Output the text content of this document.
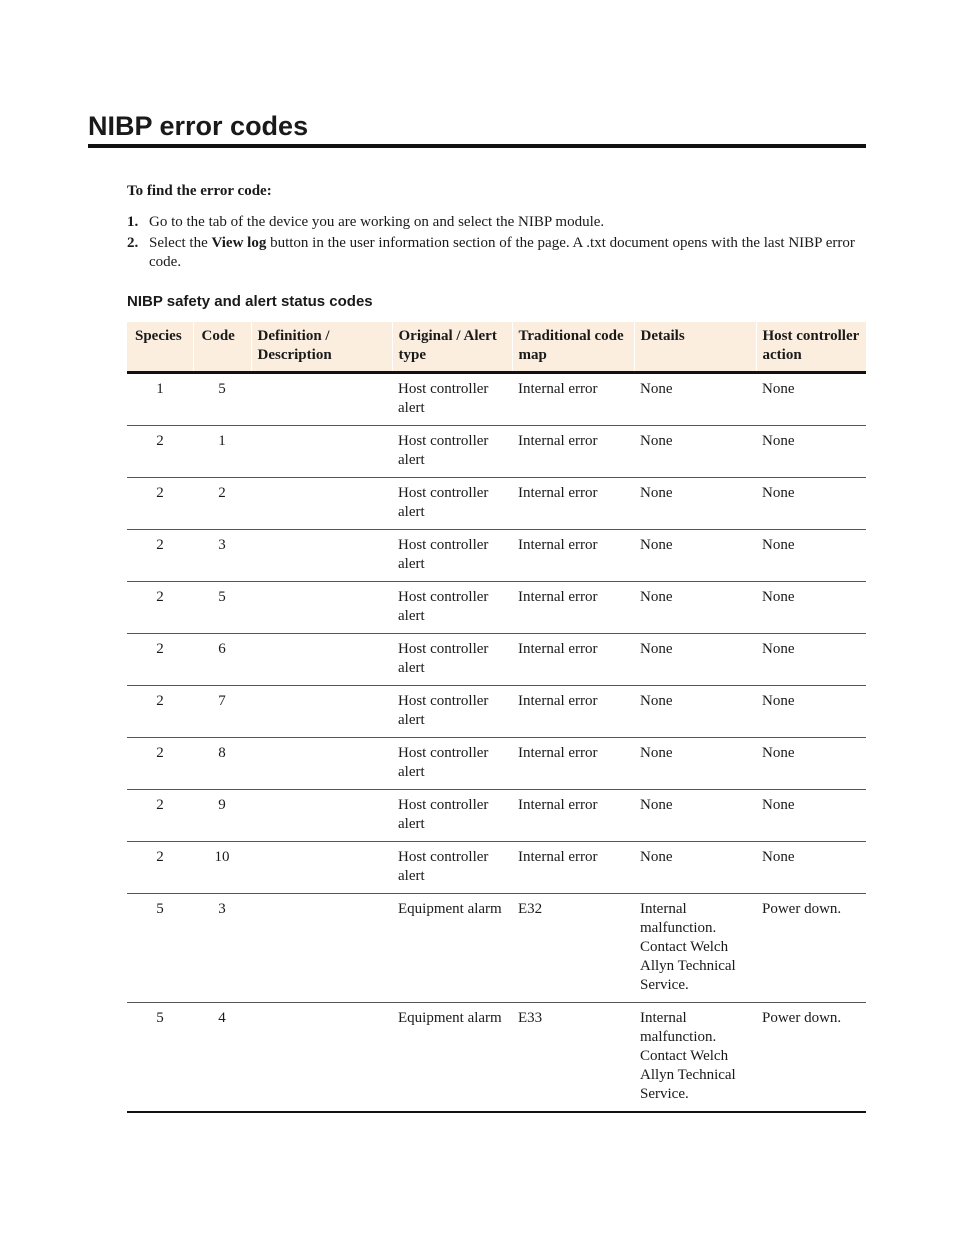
NIBP error codes

To find the error code:

1. Go to the tab of the device you are working on and select the NIBP module.
2. Select the View log button in the user information section of the page. A .txt document opens with the last NIBP error code.
NIBP safety and alert status codes
Species	Code	Definition / Description	Original / Alert type	Traditional code map	Details	Host controller action
1	5		Host controller alert	Internal error	None	None
2	1		Host controller alert	Internal error	None	None
2	2		Host controller alert	Internal error	None	None
2	3		Host controller alert	Internal error	None	None
2	5		Host controller alert	Internal error	None	None
2	6		Host controller alert	Internal error	None	None
2	7		Host controller alert	Internal error	None	None
2	8		Host controller alert	Internal error	None	None
2	9		Host controller alert	Internal error	None	None
2	10		Host controller alert	Internal error	None	None
5	3		Equipment alarm	E32	Internal malfunction. Contact Welch Allyn Technical Service.	Power down.
5	4		Equipment alarm	E33	Internal malfunction. Contact Welch Allyn Technical Service.	Power down.
